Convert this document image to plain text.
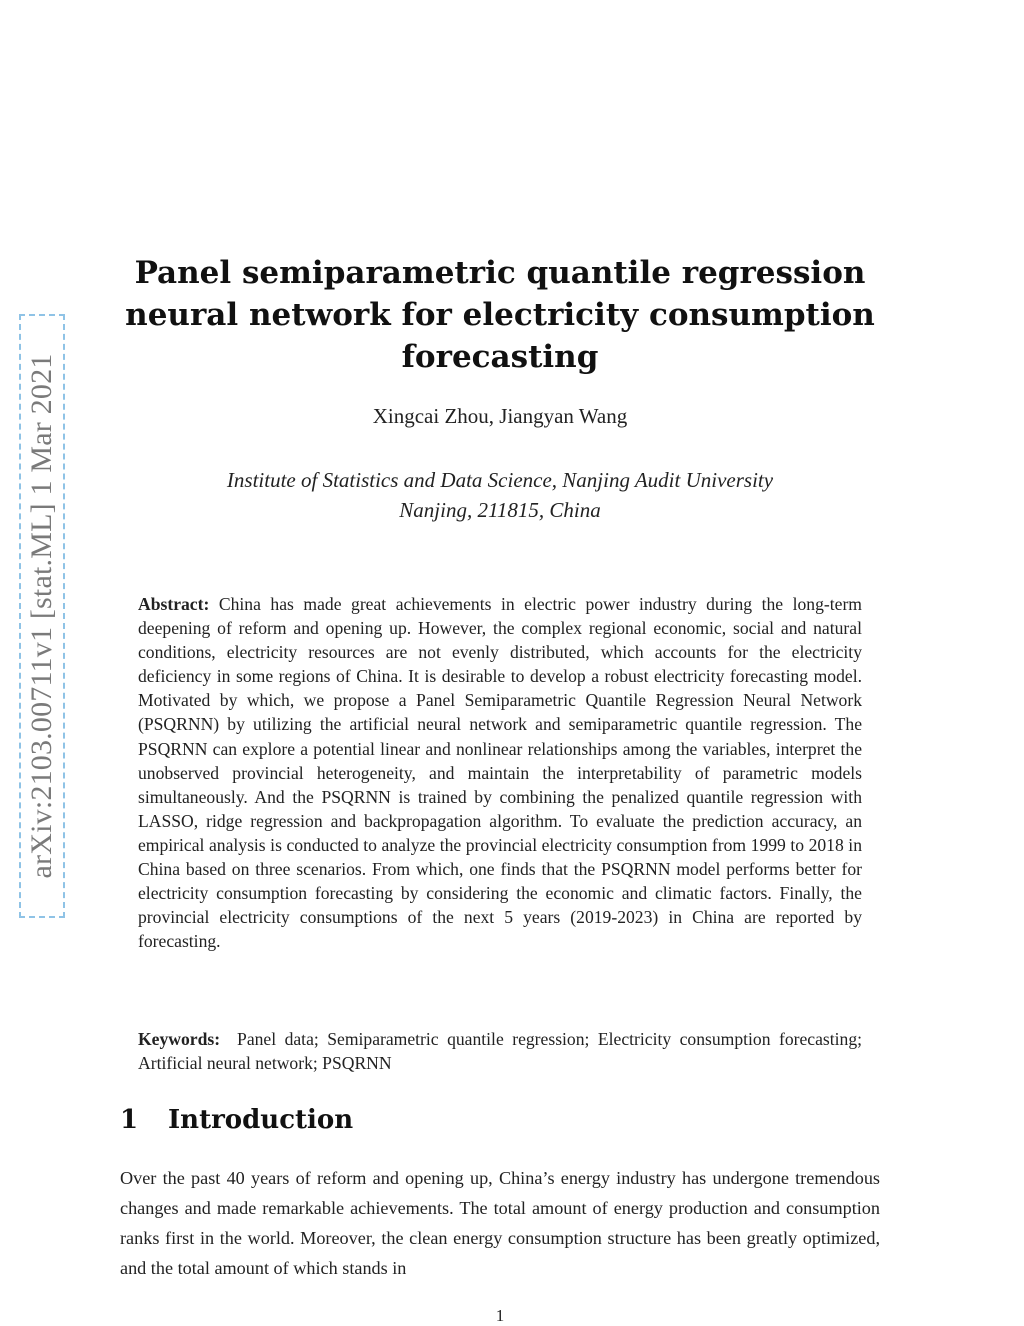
arXiv:2103.00711v1 [stat.ML] 1 Mar 2021
Panel semiparametric quantile regression
neural network for electricity consumption
forecasting
Xingcai Zhou, Jiangyan Wang
Institute of Statistics and Data Science, Nanjing Audit University
Nanjing, 211815, China
Abstract: China has made great achievements in electric power industry during the long-term deepening of reform and opening up. However, the complex regional economic, social and natural conditions, electricity resources are not evenly distributed, which accounts for the electricity deficiency in some regions of China. It is desirable to develop a robust electricity forecasting model. Motivated by which, we propose a Panel Semiparametric Quantile Regression Neural Network (PSQRNN) by utilizing the artificial neural network and semiparametric quantile regression. The PSQRNN can explore a potential linear and nonlinear relationships among the variables, interpret the unobserved provincial heterogeneity, and maintain the interpretability of parametric models simultaneously. And the PSQRNN is trained by combining the penalized quantile regression with LASSO, ridge regression and backpropagation algorithm. To evaluate the prediction accuracy, an empirical analysis is conducted to analyze the provincial electricity consumption from 1999 to 2018 in China based on three scenarios. From which, one finds that the PSQRNN model performs better for electricity consumption forecasting by considering the economic and climatic factors. Finally, the provincial electricity consumptions of the next 5 years (2019-2023) in China are reported by forecasting.
Keywords: Panel data; Semiparametric quantile regression; Electricity consumption forecasting; Artificial neural network; PSQRNN
1 Introduction

Over the past 40 years of reform and opening up, China’s energy industry has undergone tremendous changes and made remarkable achievements. The total amount of energy production and consumption ranks first in the world. Moreover, the clean energy consumption structure has been greatly optimized, and the total amount of which stands in

1
